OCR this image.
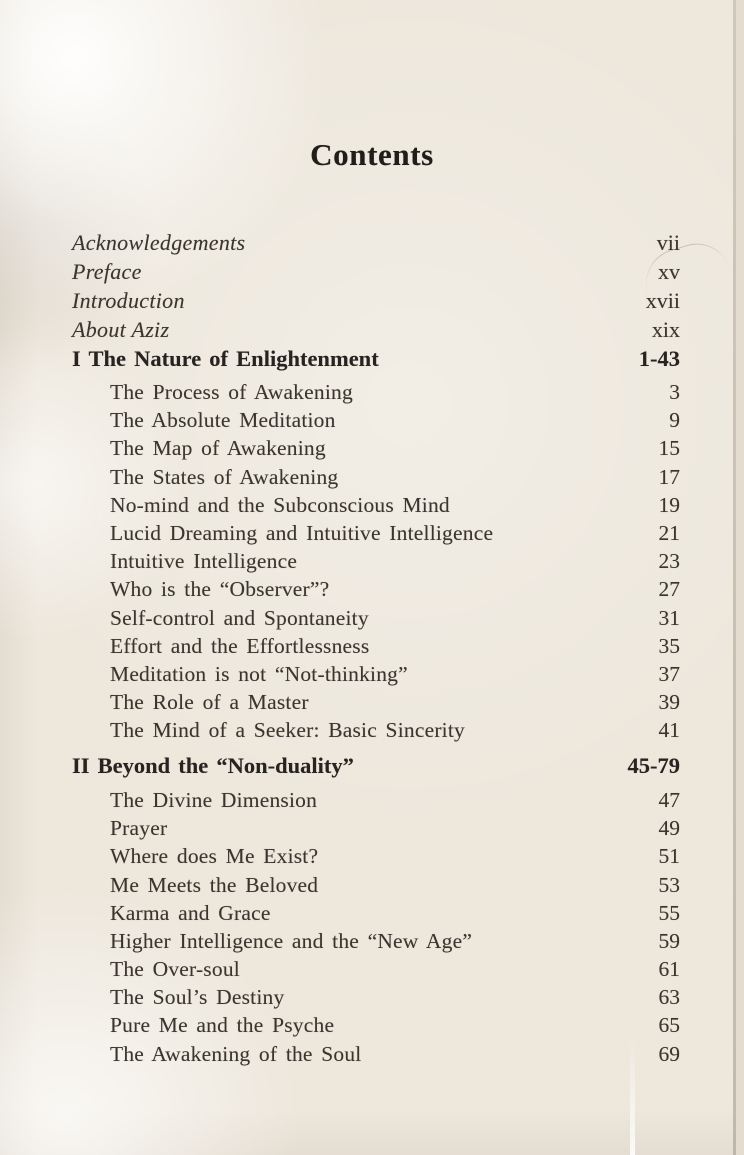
Contents
Acknowledgements	vii
Preface	xv
Introduction	xvii
About Aziz	xix
I The Nature of Enlightenment	1-43
The Process of Awakening	3
The Absolute Meditation	9
The Map of Awakening	15
The States of Awakening	17
No-mind and the Subconscious Mind	19
Lucid Dreaming and Intuitive Intelligence	21
Intuitive Intelligence	23
Who is the “Observer”?	27
Self-control and Spontaneity	31
Effort and the Effortlessness	35
Meditation is not “Not-thinking”	37
The Role of a Master	39
The Mind of a Seeker: Basic Sincerity	41
II Beyond the “Non-duality”	45-79
The Divine Dimension	47
Prayer	49
Where does Me Exist?	51
Me Meets the Beloved	53
Karma and Grace	55
Higher Intelligence and the “New Age”	59
The Over-soul	61
The Soul’s Destiny	63
Pure Me and the Psyche	65
The Awakening of the Soul	69
